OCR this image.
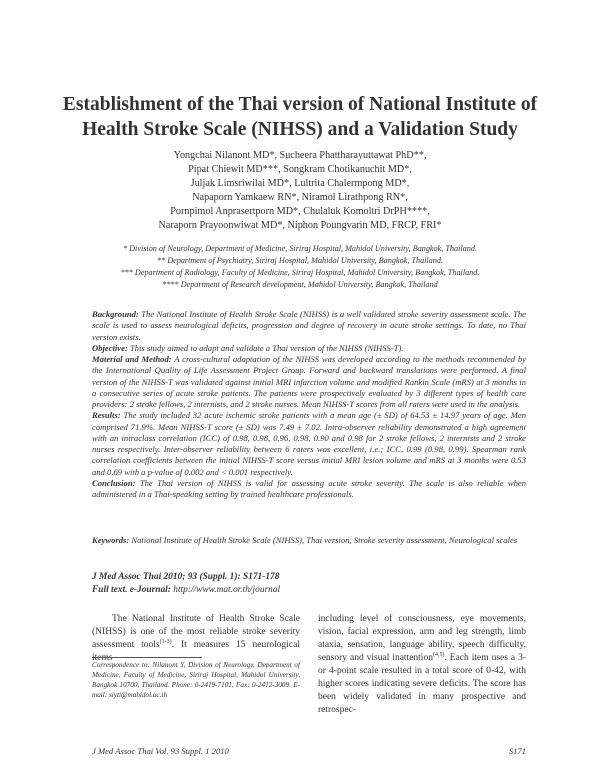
Establishment of the Thai version of National Institute of
Health Stroke Scale (NIHSS) and a Validation Study
Yongchai Nilanont MD*, Sucheera Phattharayuttawat PhD**,
Pipat Chiewit MD***, Songkram Chotikanuchit MD*,
Juljak Limsriwilai MD*, Lultrita Chalermpong MD*,
Napaporn Yamkaew RN*, Niramol Lirathpong RN*,
Pornpimol Anprasertporn MD*, Chulaluk Komoltri DrPH****,
Naraporn Prayoonwiwat MD*, Niphon Poungvarin MD, FRCP, FRI*
* Division of Neurology, Department of Medicine, Siriraj Hospital, Mahidol University, Bangkok, Thailand.
** Department of Psychiatry, Siriraj Hospital, Mahidol University, Bangkok, Thailand.
*** Department of Radiology, Faculty of Medicine, Siriraj Hospital, Mahidol University, Bangkok, Thailand.
**** Department of Research development, Mahidol University, Bangkok, Thailand

Background: The National Institute of Health Stroke Scale (NIHSS) is a well validated stroke severity assessment scale. The scale is used to assess neurological deficits, progression and degree of recovery in acute stroke settings. To date, no Thai version exists.

Objective: This study aimed to adapt and validate a Thai version of the NIHSS (NIHSS-T).

Material and Method: A cross-cultural adaptation of the NIHSS was developed according to the methods recommended by the International Quality of Life Assessment Project Group. Forward and backward translations were performed. A final version of the NIHSS-T was validated against initial MRI infarction volume and modified Rankin Scale (mRS) at 3 months in a consecutive series of acute stroke patients. The patients were prospectively evaluated by 3 different types of health care providers: 2 stroke fellows, 2 internists, and 2 stroke nurses. Mean NIHSS-T scores from all raters were used in the analysis.

Results: The study included 32 acute ischemic stroke patients with a mean age (± SD) of 64.53 ± 14.97 years of age. Men comprised 71.9%. Mean NIHSS-T score (± SD) was 7.49 ± 7.02. Intra-observer reliability demonstrated a high agreement with an intraclass correlation (ICC) of 0.98, 0.98, 0.96, 0.98, 0.90 and 0.98 for 2 stroke fellows, 2 internists and 2 stroke nurses respectively. Inter-observer reliability between 6 raters was excellent, i.e.; ICC, 0.99 (0.98, 0.99). Spearman rank correlation coefficients between the initial NIHSS-T score versus initial MRI lesion volume and mRS at 3 months were 0.53 and 0.69 with a p-value of 0.002 and < 0.001 respectively.

Conclusion: The Thai version of NIHSS is valid for assessing acute stroke severity. The scale is also reliable when administered in a Thai-speaking setting by trained healthcare professionals.

Keywords: National Institute of Health Stroke Scale (NIHSS), Thai version, Stroke severity assessment, Neurological scales
J Med Assoc Thai 2010; 93 (Suppl. 1): S171-178
Full text. e-Journal: http://www.mat.or.th/journal

The National Institute of Health Stroke Scale (NIHSS) is one of the most reliable stroke severity assessment tools$^{(1-3)}$. It measures 15 neurological items

Correspondence to: Nilanont Y, Division of Neurology, Department of Medicine, Faculty of Medicine, Siriraj Hospital, Mahidol University, Bangkok 10700, Thailand. Phone: 0-2419-7101, Fax: 0-2412-3009. E-mail: siyti@mahidol.ac.th

including level of consciousness, eye movements, vision, facial expression, arm and leg strength, limb ataxia, sensation, language ability, speech difficulty, sensory and visual inattention$^{(4,5)}$. Each item uses a 3- or 4-point scale resulted in a total score of 0-42, with higher scores indicating severe deficits. The score has been widely validated in many prospective and retrospec-

J Med Assoc Thai Vol. 93 Suppl. 1 2010	S171
